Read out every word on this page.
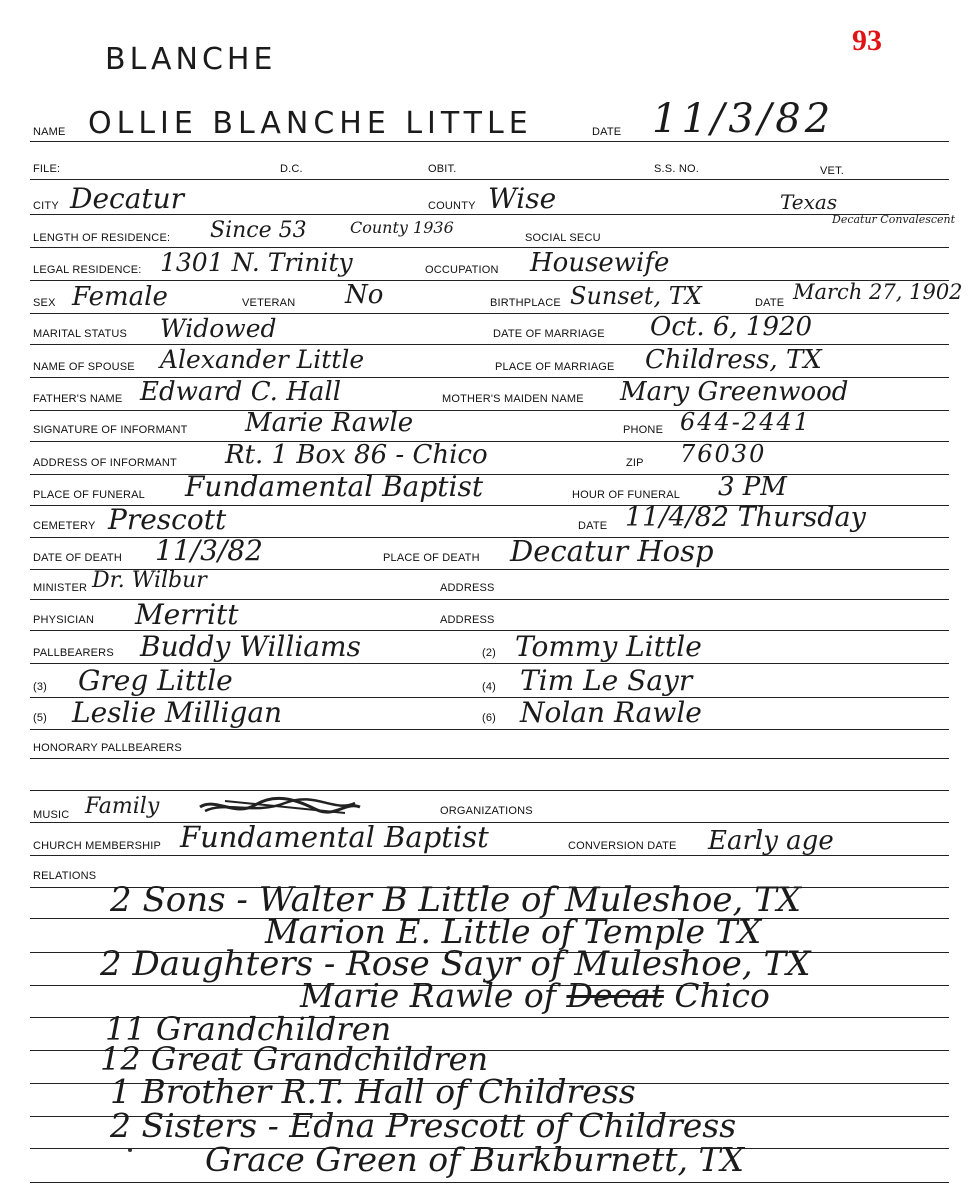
BLANCHE
93
NAME OLLIE BLANCHE LITTLE	DATE 11/3/82
FILE:	D.C.	OBIT.	S.S. NO.	VET.
CITY Decatur	COUNTY Wise	Texas
LENGTH OF RESIDENCE: Since 53	County 1936
SOCIAL SECU
Decatur Convalescent
LEGAL RESIDENCE: 1301 N. Trinity	OCCUPATION Housewife
SEX Female	VETERAN No	BIRTHPLACE Sunset, TX	DATE March 27, 1902
MARITAL STATUS Widowed	DATE OF MARRIAGE Oct. 6, 1920
NAME OF SPOUSE Alexander Little	PLACE OF MARRIAGE Childress, TX
FATHER'S NAME Edward C. Hall	MOTHER'S MAIDEN NAME Mary Greenwood
SIGNATURE OF INFORMANT Marie Rawle	PHONE 644-2441
ADDRESS OF INFORMANT Rt. 1 Box 86 - Chico	ZIP 76030
PLACE OF FUNERAL Fundamental Baptist	HOUR OF FUNERAL 3 PM
CEMETERY Prescott	DATE 11/4/82 Thursday
DATE OF DEATH 11/3/82	PLACE OF DEATH Decatur Hosp
MINISTER Dr. Wilbur	ADDRESS
PHYSICIAN Merritt	ADDRESS
PALLBEARERS Buddy Williams	(2) Tommy Little
(3) Greg Little	(4) Tim Le Sayr
(5) Leslie Milligan	(6) Nolan Rawle
HONORARY PALLBEARERS
MUSIC Family	ORGANIZATIONS
CHURCH MEMBERSHIP Fundamental Baptist	CONVERSION DATE Early age
RELATIONS
2 Sons - Walter B Little of Muleshoe, TX
Marion E. Little of Temple TX
2 Daughters - Rose Sayr of Muleshoe, TX
Marie Rawle of Decat Chico
11 Grandchildren
12 Great Grandchildren
1 Brother R.T. Hall of Childress
2 Sisters - Edna Prescott of Childress
Grace Green of Burkburnett, TX
